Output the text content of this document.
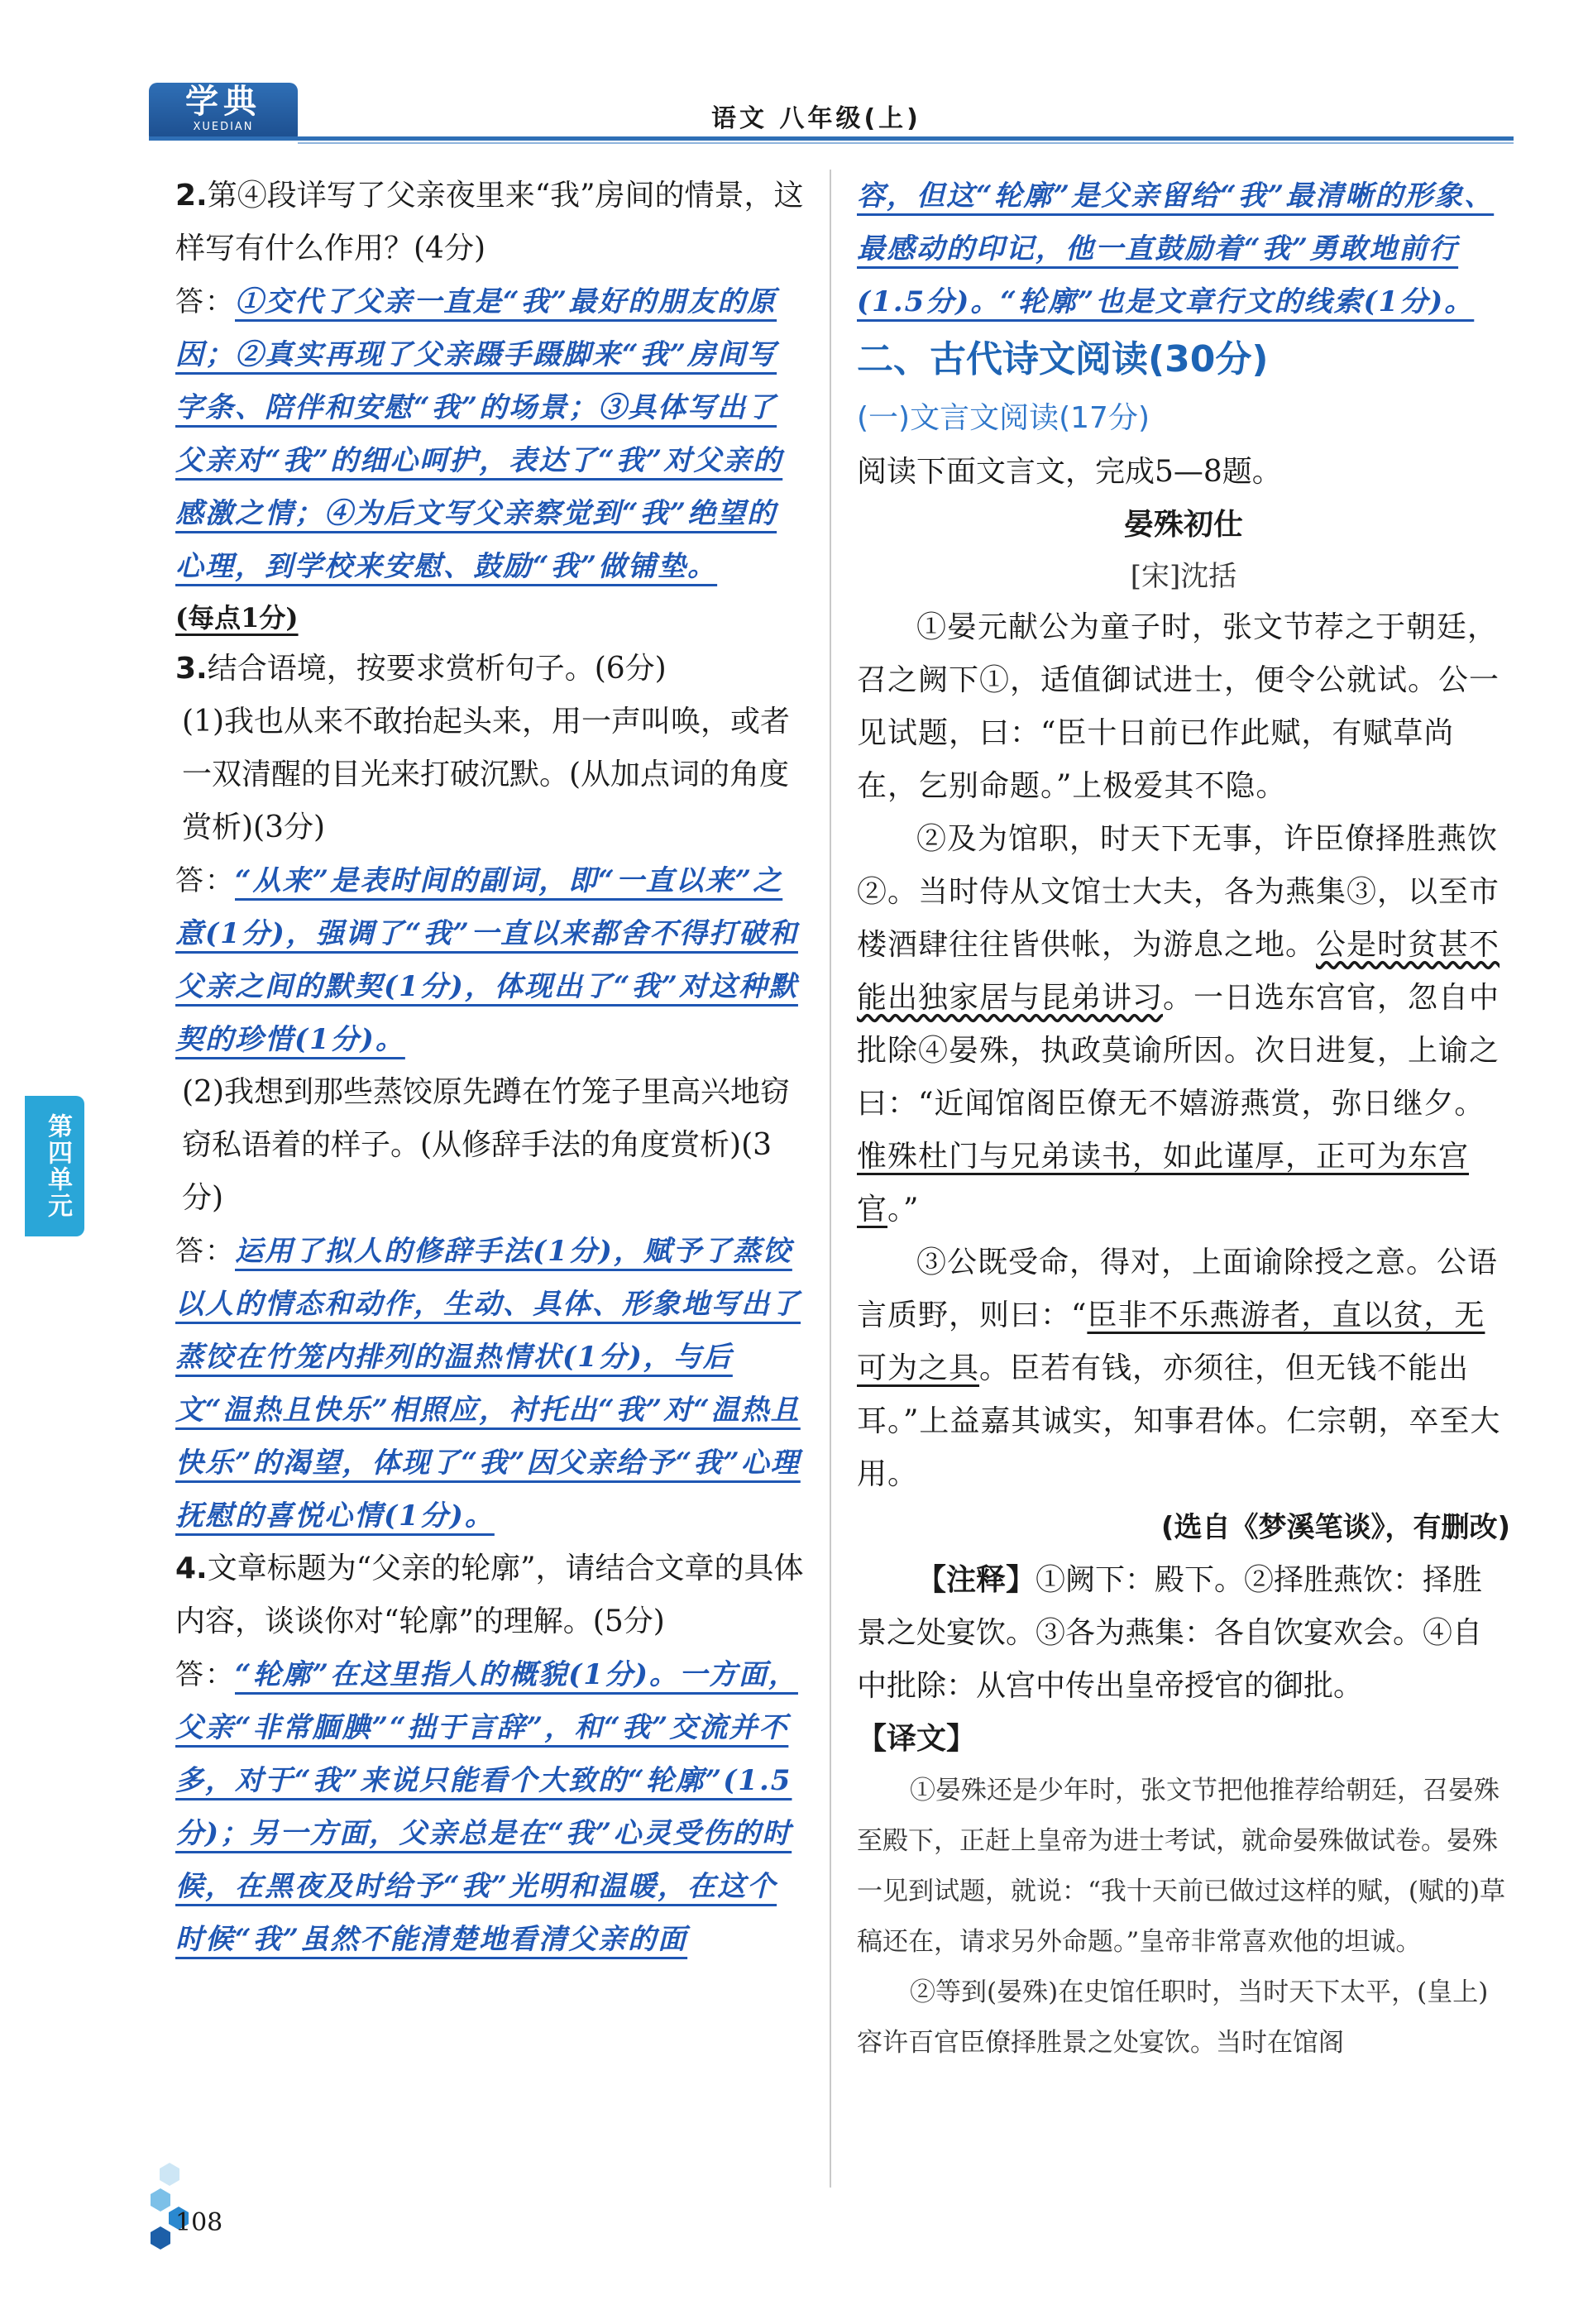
学典
XUEDIAN	语文 八年级(上)
第四单元

2.第④段详写了父亲夜里来“我”房间的情景，这样写有什么作用？(4分)

答：①交代了父亲一直是“我”最好的朋友的原因；②真实再现了父亲蹑手蹑脚来“我”房间写字条、陪伴和安慰“我”的场景；③具体写出了父亲对“我”的细心呵护，表达了“我”对父亲的感激之情；④为后文写父亲察觉到“我”绝望的心理，到学校来安慰、鼓励“我”做铺垫。

(每点1分)

3.结合语境，按要求赏析句子。(6分)

(1)我也从来不敢抬起头来，用一声叫唤，或者一双清醒的目光来打破沉默。(从加点词的角度赏析)(3分)

答：“从来”是表时间的副词，即“一直以来”之意(1分)，强调了“我”一直以来都舍不得打破和父亲之间的默契(1分)，体现出了“我”对这种默契的珍惜(1分)。

(2)我想到那些蒸饺原先蹲在竹笼子里高兴地窃窃私语着的样子。(从修辞手法的角度赏析)(3分)

答：运用了拟人的修辞手法(1分)，赋予了蒸饺以人的情态和动作，生动、具体、形象地写出了蒸饺在竹笼内排列的温热情状(1分)，与后文“温热且快乐”相照应，衬托出“我”对“温热且快乐”的渴望，体现了“我”因父亲给予“我”心理抚慰的喜悦心情(1分)。

4.文章标题为“父亲的轮廓”，请结合文章的具体内容，谈谈你对“轮廓”的理解。(5分)

答：“轮廓”在这里指人的概貌(1分)。一方面，父亲“非常腼腆”“拙于言辞”，和“我”交流并不多，对于“我”来说只能看个大致的“轮廓”(1.5分)；另一方面，父亲总是在“我”心灵受伤的时候，在黑夜及时给予“我”光明和温暖，在这个时候“我”虽然不能清楚地看清父亲的面

容，但这“轮廓”是父亲留给“我”最清晰的形象、最感动的印记，他一直鼓励着“我”勇敢地前行(1.5分)。“轮廓”也是文章行文的线索(1分)。

二、古代诗文阅读(30分)

(一)文言文阅读(17分)

阅读下面文言文，完成5—8题。

晏殊初仕

[宋]沈括

①晏元献公为童子时，张文节荐之于朝廷，召之阙下①，适值御试进士，便令公就试。公一见试题，曰：“臣十日前已作此赋，有赋草尚在，乞别命题。”上极爱其不隐。

②及为馆职，时天下无事，许臣僚择胜燕饮②。当时侍从文馆士大夫，各为燕集③，以至市楼酒肆往往皆供帐，为游息之地。公是时贫甚不能出独家居与昆弟讲习。一日选东宫官，忽自中批除④晏殊，执政莫谕所因。次日进复，上谕之曰：“近闻馆阁臣僚无不嬉游燕赏，弥日继夕。惟殊杜门与兄弟读书，如此谨厚，正可为东宫官。”

③公既受命，得对，上面谕除授之意。公语言质野，则曰：“臣非不乐燕游者，直以贫，无可为之具。臣若有钱，亦须往，但无钱不能出耳。”上益嘉其诚实，知事君体。仁宗朝，卒至大用。

(选自《梦溪笔谈》，有删改)

【注释】①阙下：殿下。②择胜燕饮：择胜景之处宴饮。③各为燕集：各自饮宴欢会。④自中批除：从宫中传出皇帝授官的御批。

【译文】

①晏殊还是少年时，张文节把他推荐给朝廷，召晏殊至殿下，正赶上皇帝为进士考试，就命晏殊做试卷。晏殊一见到试题，就说：“我十天前已做过这样的赋，(赋的)草稿还在，请求另外命题。”皇帝非常喜欢他的坦诚。

②等到(晏殊)在史馆任职时，当时天下太平，(皇上)容许百官臣僚择胜景之处宴饮。当时在馆阁

108
